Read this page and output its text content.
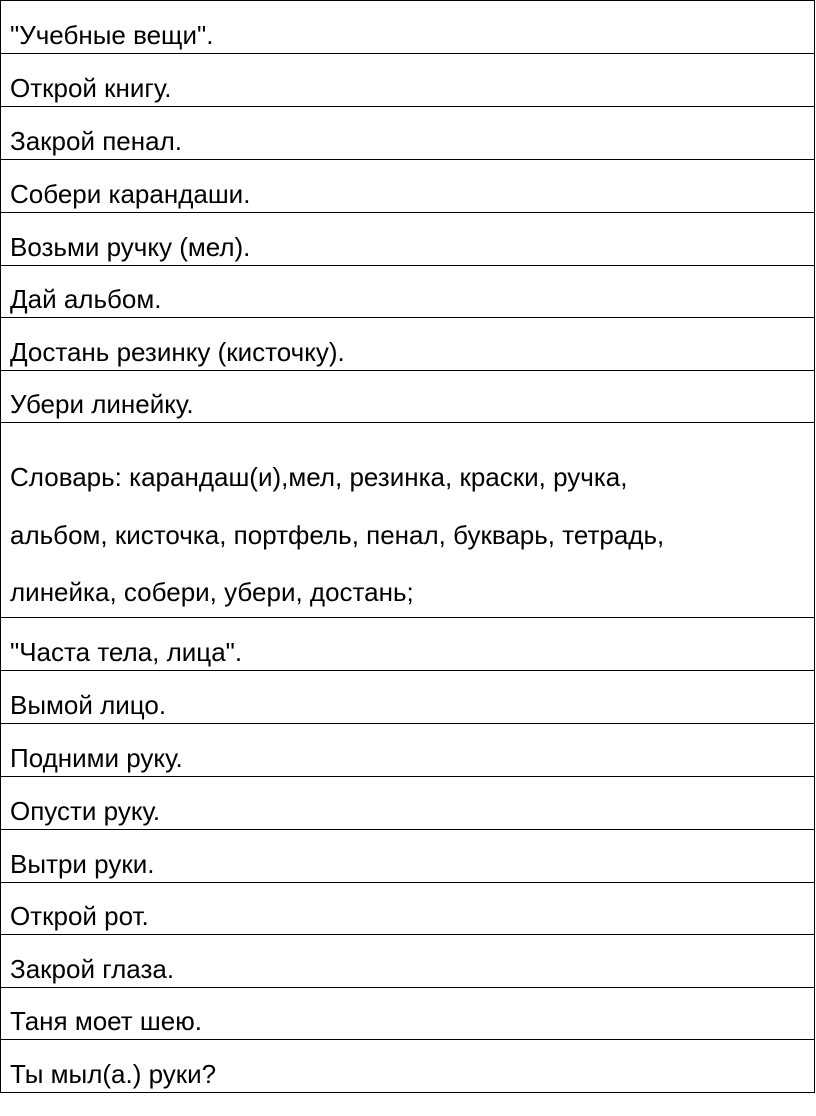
"Учебные вещи".
Открой книгу.
Закрой пенал.
Собери карандаши.
Возьми ручку (мел).
Дай альбом.
Достань резинку (кисточку).
Убери линейку.
Словарь: карандаш(и),мел, резинка, краски, ручка,
альбом, кисточка, портфель, пенал, букварь, тетрадь,
линейка, собери, убери, достань;
"Часта тела, лица".
Вымой лицо.
Подними руку.
Опусти руку.
Вытри руки.
Открой рот.
Закрой глаза.
Таня моет шею.
Ты мыл(а.) руки?
